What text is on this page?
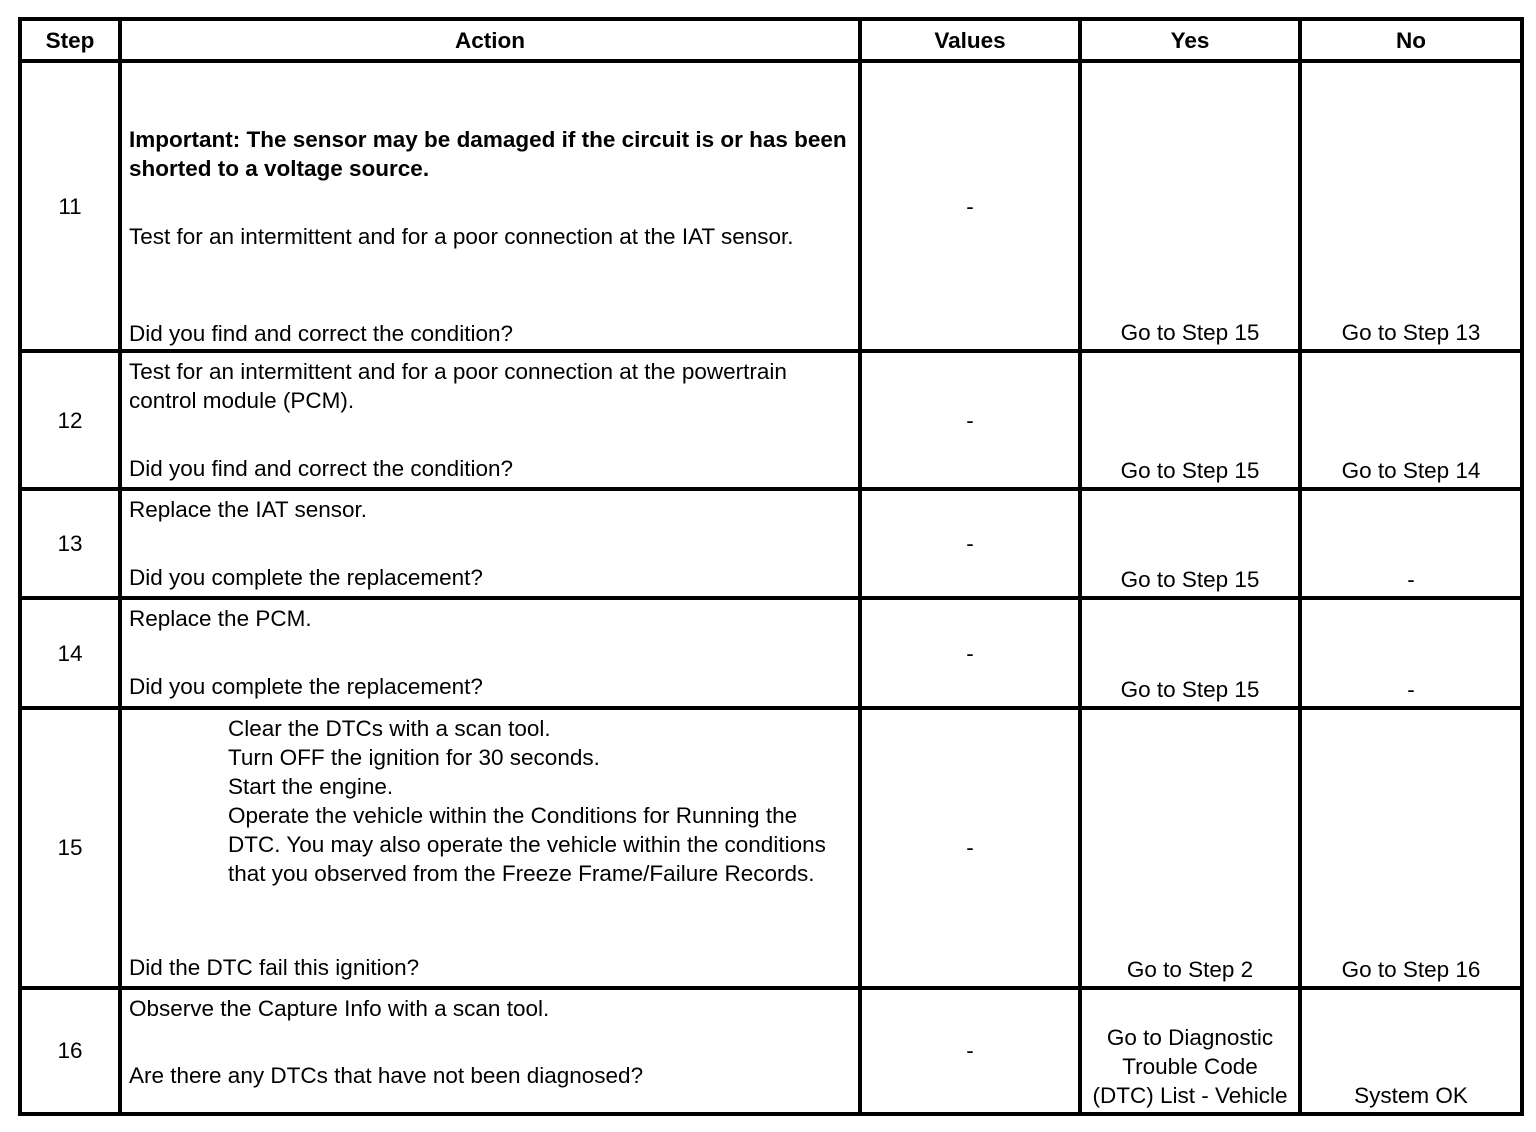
Step	Action	Values	Yes	No
11	Important: The sensor may be damaged if the circuit is or has been shorted to a voltage source.
Test for an intermittent and for a poor connection at the IAT sensor.
Did you find and correct the condition?	-	Go to Step 15	Go to Step 13
12	Test for an intermittent and for a poor connection at the powertrain control module (PCM).
Did you find and correct the condition?	-	Go to Step 15	Go to Step 14
13	Replace the IAT sensor.
Did you complete the replacement?	-	Go to Step 15	-
14	Replace the PCM.
Did you complete the replacement?	-	Go to Step 15	-
15	Clear the DTCs with a scan tool.
Turn OFF the ignition for 30 seconds.
Start the engine.
Operate the vehicle within the Conditions for Running the DTC. You may also operate the vehicle within the conditions that you observed from the Freeze Frame/Failure Records.
Did the DTC fail this ignition?	-	Go to Step 2	Go to Step 16
16	Observe the Capture Info with a scan tool.
Are there any DTCs that have not been diagnosed?	-	Go to Diagnostic Trouble Code (DTC) List - Vehicle	System OK
